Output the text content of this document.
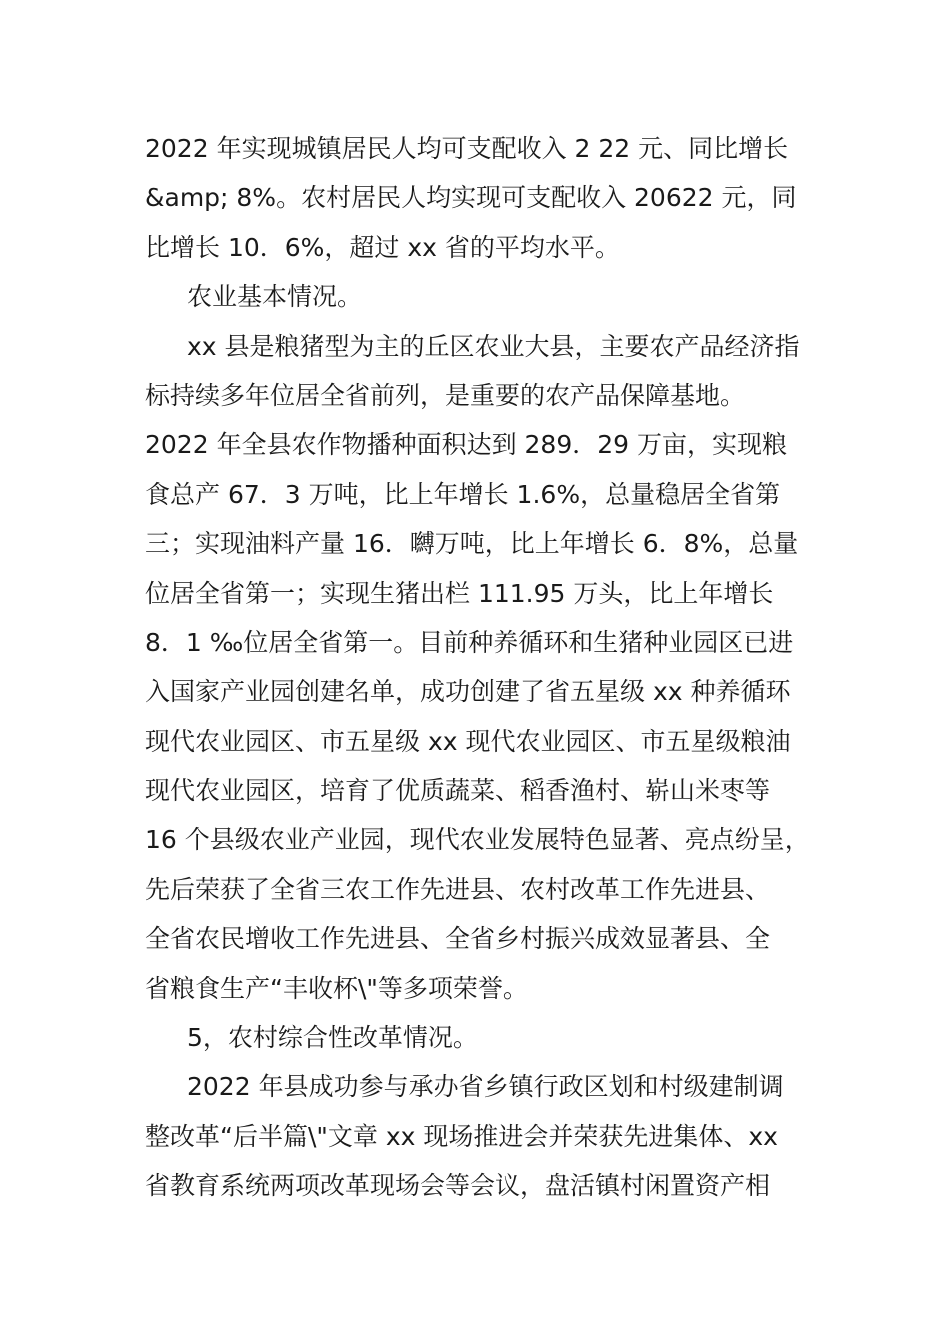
2022 年实现城镇居民人均可支配收入 2 22 元、同比增长
&amp; 8%。农村居民人均实现可支配收入 20622 元，同
比增长 10．6%，超过 xx 省的平均水平。
农业基本情况。
xx 县是粮猪型为主的丘区农业大县，主要农产品经济指
标持续多年位居全省前列，是重要的农产品保障基地。
2022 年全县农作物播种面积达到 289．29 万亩，实现粮
食总产 67．3 万吨，比上年增长 1.6%，总量稳居全省第
三；实现油料产量 16．嚩万吨，比上年增长 6．8%，总量
位居全省第一；实现生猪出栏 111.95 万头，比上年增长
8．1 ‰位居全省第一。目前种养循环和生猪种业园区已进
入国家产业园创建名单，成功创建了省五星级 xx 种养循环
现代农业园区、市五星级 xx 现代农业园区、市五星级粮油
现代农业园区，培育了优质蔬菜、稻香渔村、崭山米枣等
16 个县级农业产业园，现代农业发展特色显著、亮点纷呈，
先后荣获了全省三农工作先进县、农村改革工作先进县、
全省农民增收工作先进县、全省乡村振兴成效显著县、全
省粮食生产“丰收杯\"等多项荣誉。
5，农村综合性改革情况。
2022 年县成功参与承办省乡镇行政区划和村级建制调
整改革“后半篇\"文章 xx 现场推进会并荣获先进集体、xx
省教育系统两项改革现场会等会议，盘活镇村闲置资产相
